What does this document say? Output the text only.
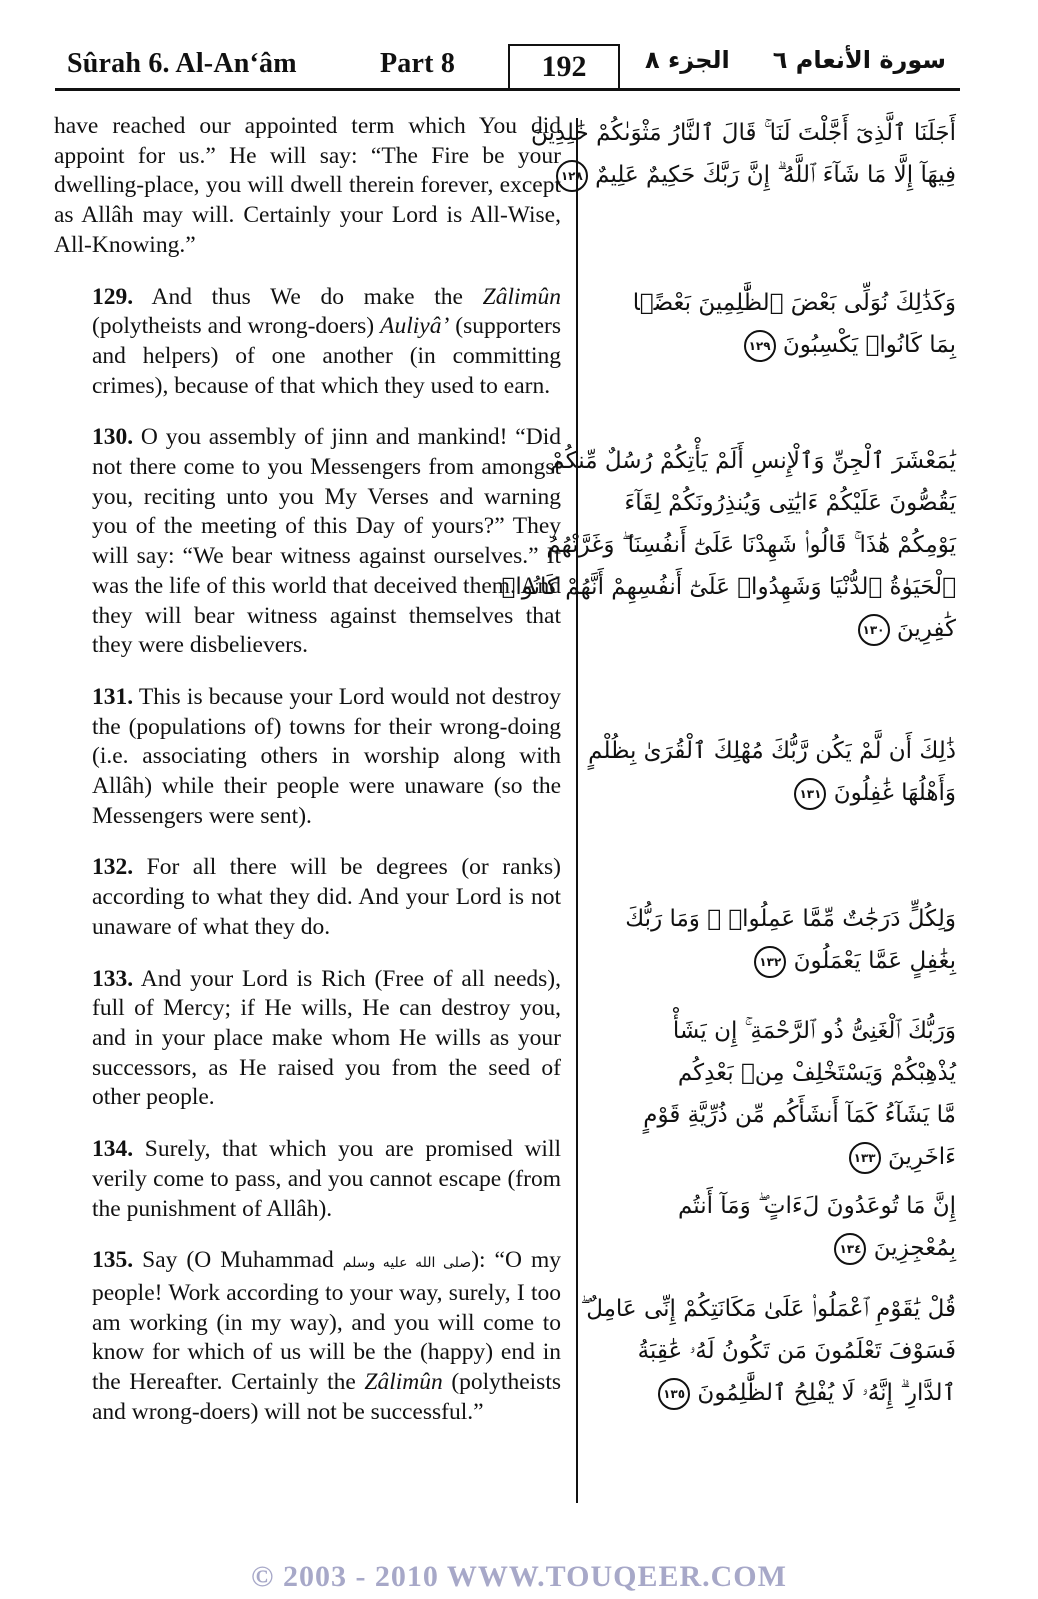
Sûrah 6. Al-An‘âm	Part 8	192	الجزء ٨ سورة الأنعام ٦

have reached our appointed term which You did appoint for us.” He will say: “The Fire be your dwelling-place, you will dwell therein forever, except as Allâh may will. Certainly your Lord is All-Wise, All-Knowing.”

129. And thus We do make the Zâlimûn (polytheists and wrong-doers) Auliyâ’ (supporters and helpers) of one another (in committing crimes), because of that which they used to earn.

130. O you assembly of jinn and mankind! “Did not there come to you Messengers from amongst you, reciting unto you My Verses and warning you of the meeting of this Day of yours?” They will say: “We bear witness against ourselves.” It was the life of this world that deceived them. And they will bear witness against themselves that they were disbelievers.

131. This is because your Lord would not destroy the (populations of) towns for their wrong-doing (i.e. associating others in worship along with Allâh) while their people were unaware (so the Messengers were sent).

132. For all there will be degrees (or ranks) according to what they did. And your Lord is not unaware of what they do.

133. And your Lord is Rich (Free of all needs), full of Mercy; if He wills, He can destroy you, and in your place make whom He wills as your successors, as He raised you from the seed of other people.

134. Surely, that which you are promised will verily come to pass, and you cannot escape (from the punishment of Allâh).

135. Say (O Muhammad صلى الله عليه وسلم): “O my people! Work according to your way, surely, I too am working (in my way), and you will come to know for which of us will be the (happy) end in the Hereafter. Certainly the Zâlimûn (polytheists and wrong-doers) will not be successful.”

أَجَلَنَا ٱلَّذِىٓ أَجَّلْتَ لَنَا ۚ قَالَ ٱلنَّارُ مَثْوَىٰكُمْ خَٰلِدِينَ
فِيهَآ إِلَّا مَا شَآءَ ٱللَّهُ ۗ إِنَّ رَبَّكَ حَكِيمٌ عَلِيمٌ ١٢٨
وَكَذَٰلِكَ نُوَلِّى بَعْضَ ٱلظَّٰلِمِينَ بَعْضًۢا
بِمَا كَانُوا۟ يَكْسِبُونَ ١٢٩
يَٰمَعْشَرَ ٱلْجِنِّ وَٱلْإِنسِ أَلَمْ يَأْتِكُمْ رُسُلٌ مِّنكُمْ
يَقُصُّونَ عَلَيْكُمْ ءَايَٰتِى وَيُنذِرُونَكُمْ لِقَآءَ
يَوْمِكُمْ هَٰذَا ۚ قَالُوا۟ شَهِدْنَا عَلَىٰٓ أَنفُسِنَا ۖ وَغَرَّتْهُمُ
ٱلْحَيَوٰةُ ٱلدُّنْيَا وَشَهِدُوا۟ عَلَىٰٓ أَنفُسِهِمْ أَنَّهُمْ كَانُوا۟
كَٰفِرِينَ ١٣٠
ذَٰلِكَ أَن لَّمْ يَكُن رَّبُّكَ مُهْلِكَ ٱلْقُرَىٰ بِظُلْمٍ
وَأَهْلُهَا غَٰفِلُونَ ١٣١
وَلِكُلٍّ دَرَجَٰتٌ مِّمَّا عَمِلُوا۟ ۚ وَمَا رَبُّكَ
بِغَٰفِلٍ عَمَّا يَعْمَلُونَ ١٣٢
وَرَبُّكَ ٱلْغَنِىُّ ذُو ٱلرَّحْمَةِ ۚ إِن يَشَأْ
يُذْهِبْكُمْ وَيَسْتَخْلِفْ مِنۢ بَعْدِكُم
مَّا يَشَآءُ كَمَآ أَنشَأَكُم مِّن ذُرِّيَّةِ قَوْمٍ
ءَاخَرِينَ ١٣٣
إِنَّ مَا تُوعَدُونَ لَءَاتٍ ۖ وَمَآ أَنتُم
بِمُعْجِزِينَ ١٣٤
قُلْ يَٰقَوْمِ ٱعْمَلُوا۟ عَلَىٰ مَكَانَتِكُمْ إِنِّى عَامِلٌ ۖ
فَسَوْفَ تَعْلَمُونَ مَن تَكُونُ لَهُۥ عَٰقِبَةُ
ٱلدَّارِ ۗ إِنَّهُۥ لَا يُفْلِحُ ٱلظَّٰلِمُونَ ١٣٥
© 2003 - 2010 WWW.TOUQEER.COM
